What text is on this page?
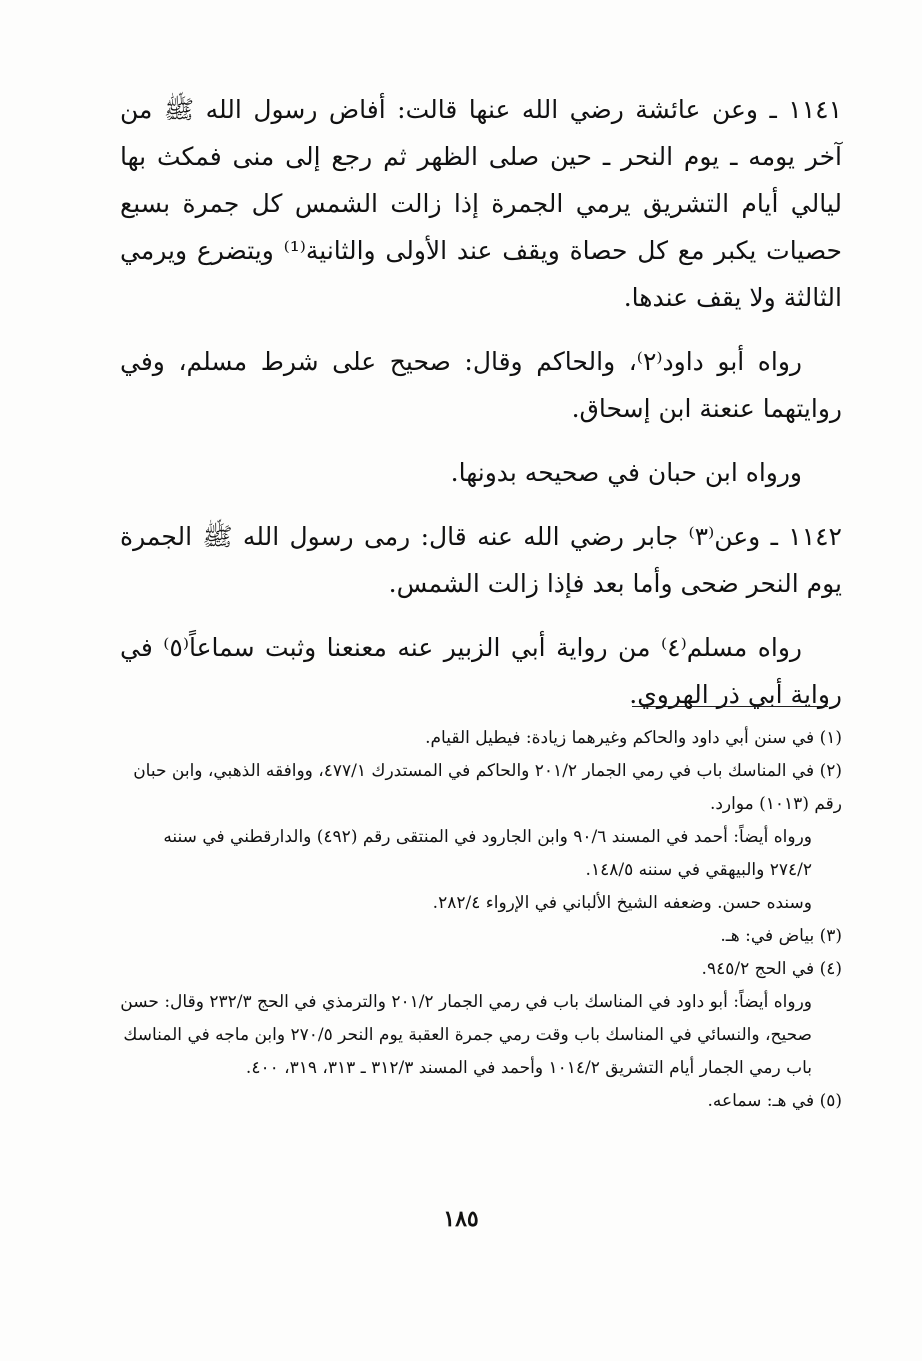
١١٤١ ـ وعن عائشة رضي الله عنها قالت: أفاض رسول الله ﷺ من آخر يومه ـ يوم النحر ـ حين صلى الظهر ثم رجع إلى منى فمكث بها ليالي أيام التشريق يرمي الجمرة إذا زالت الشمس كل جمرة بسبع حصيات يكبر مع كل حصاة ويقف عند الأولى والثانية⁽¹⁾ ويتضرع ويرمي الثالثة ولا يقف عندها.

رواه أبو داود⁽٢⁾، والحاكم وقال: صحيح على شرط مسلم، وفي روايتهما عنعنة ابن إسحاق.

ورواه ابن حبان في صحيحه بدونها.

١١٤٢ ـ وعن⁽٣⁾ جابر رضي الله عنه قال: رمى رسول الله ﷺ الجمرة يوم النحر ضحى وأما بعد فإذا زالت الشمس.

رواه مسلم⁽٤⁾ من رواية أبي الزبير عنه معنعنا وثبت سماعاً⁽٥⁾ في رواية أبي ذر الهروي.

(١) في سنن أبي داود والحاكم وغيرهما زيادة: فيطيل القيام.

(٢) في المناسك باب في رمي الجمار ٢٠١/٢ والحاكم في المستدرك ٤٧٧/١، ووافقه الذهبي، وابن حبان رقم (١٠١٣) موارد.

ورواه أيضاً: أحمد في المسند ٩٠/٦ وابن الجارود في المنتقى رقم (٤٩٢) والدارقطني في سننه ٢٧٤/٢ والبيهقي في سننه ١٤٨/٥.

وسنده حسن. وضعفه الشيخ الألباني في الإرواء ٢٨٢/٤.

(٣) بياض في: هـ.

(٤) في الحج ٩٤٥/٢.

ورواه أيضاً: أبو داود في المناسك باب في رمي الجمار ٢٠١/٢ والترمذي في الحج ٢٣٢/٣ وقال: حسن صحيح، والنسائي في المناسك باب وقت رمي جمرة العقبة يوم النحر ٢٧٠/٥ وابن ماجه في المناسك باب رمي الجمار أيام التشريق ١٠١٤/٢ وأحمد في المسند ٣١٢/٣ ـ ٣١٣، ٣١٩، ٤٠٠.

(٥) في هـ: سماعه.

١٨٥
